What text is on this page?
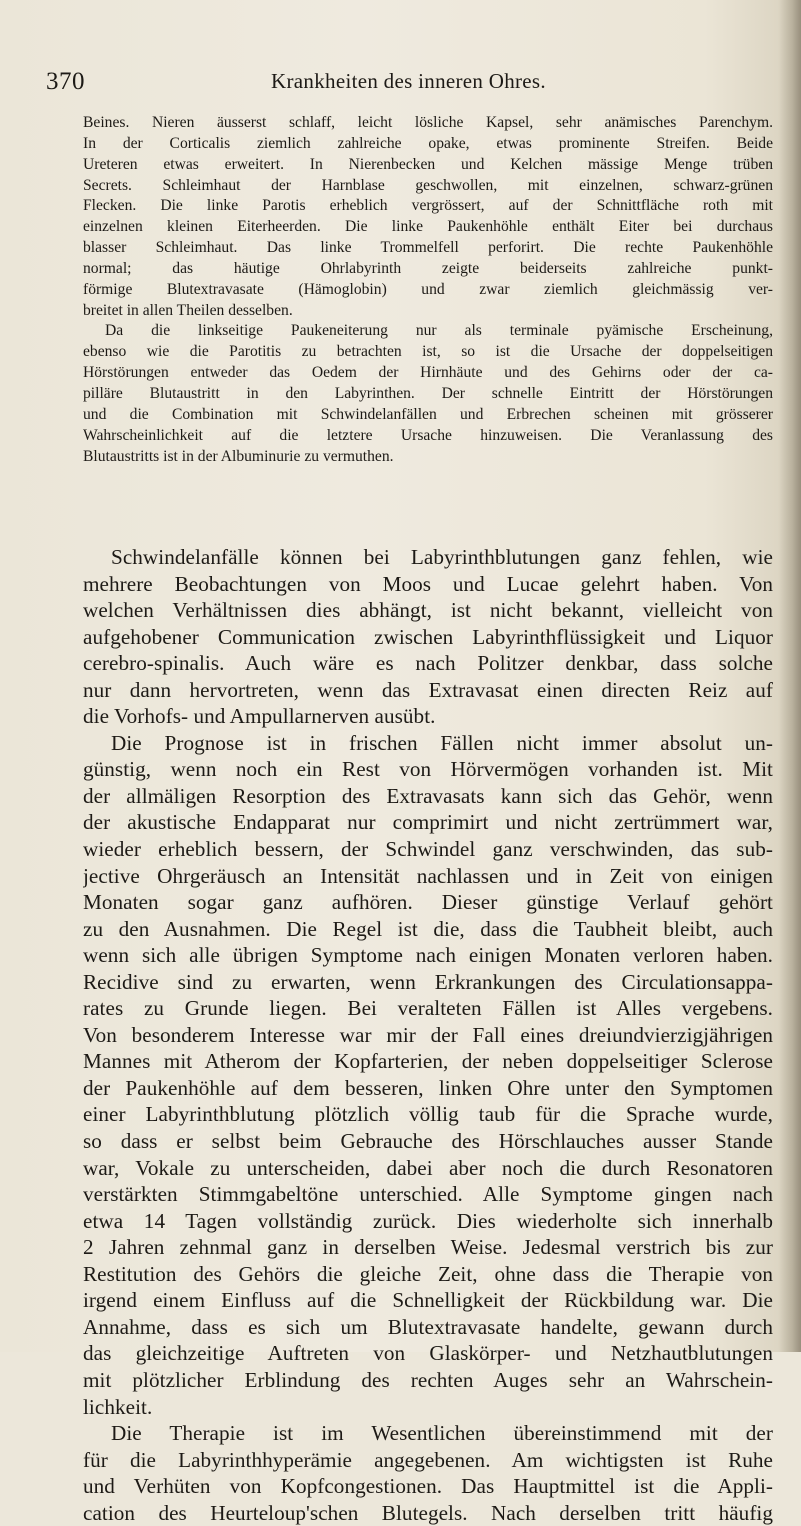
370	Krankheiten des inneren Ohres.
Beines. Nieren äusserst schlaff, leicht lösliche Kapsel, sehr anämisches Parenchym.
In der Corticalis ziemlich zahlreiche opake, etwas prominente Streifen. Beide
Ureteren etwas erweitert. In Nierenbecken und Kelchen mässige Menge trüben
Secrets. Schleimhaut der Harnblase geschwollen, mit einzelnen, schwarz-grünen
Flecken. Die linke Parotis erheblich vergrössert, auf der Schnittfläche roth mit
einzelnen kleinen Eiterheerden. Die linke Paukenhöhle enthält Eiter bei durchaus
blasser Schleimhaut. Das linke Trommelfell perforirt. Die rechte Paukenhöhle
normal; das häutige Ohrlabyrinth zeigte beiderseits zahlreiche punkt-
förmige Blutextravasate (Hämoglobin) und zwar ziemlich gleichmässig ver-
breitet in allen Theilen desselben.
Da die linkseitige Paukeneiterung nur als terminale pyämische Erscheinung,
ebenso wie die Parotitis zu betrachten ist, so ist die Ursache der doppelseitigen
Hörstörungen entweder das Oedem der Hirnhäute und des Gehirns oder der ca-
pilläre Blutaustritt in den Labyrinthen. Der schnelle Eintritt der Hörstörungen
und die Combination mit Schwindelanfällen und Erbrechen scheinen mit grösserer
Wahrscheinlichkeit auf die letztere Ursache hinzuweisen. Die Veranlassung des
Blutaustritts ist in der Albuminurie zu vermuthen.
Schwindelanfälle können bei Labyrinthblutungen ganz fehlen, wie
mehrere Beobachtungen von Moos und Lucae gelehrt haben. Von
welchen Verhältnissen dies abhängt, ist nicht bekannt, vielleicht von
aufgehobener Communication zwischen Labyrinthflüssigkeit und Liquor
cerebro-spinalis. Auch wäre es nach Politzer denkbar, dass solche
nur dann hervortreten, wenn das Extravasat einen directen Reiz auf
die Vorhofs- und Ampullarnerven ausübt.
Die Prognose ist in frischen Fällen nicht immer absolut un-
günstig, wenn noch ein Rest von Hörvermögen vorhanden ist. Mit
der allmäligen Resorption des Extravasats kann sich das Gehör, wenn
der akustische Endapparat nur comprimirt und nicht zertrümmert war,
wieder erheblich bessern, der Schwindel ganz verschwinden, das sub-
jective Ohrgeräusch an Intensität nachlassen und in Zeit von einigen
Monaten sogar ganz aufhören. Dieser günstige Verlauf gehört
zu den Ausnahmen. Die Regel ist die, dass die Taubheit bleibt, auch
wenn sich alle übrigen Symptome nach einigen Monaten verloren haben.
Recidive sind zu erwarten, wenn Erkrankungen des Circulationsappa-
rates zu Grunde liegen. Bei veralteten Fällen ist Alles vergebens.
Von besonderem Interesse war mir der Fall eines dreiundvierzigjährigen
Mannes mit Atherom der Kopfarterien, der neben doppelseitiger Sclerose
der Paukenhöhle auf dem besseren, linken Ohre unter den Symptomen
einer Labyrinthblutung plötzlich völlig taub für die Sprache wurde,
so dass er selbst beim Gebrauche des Hörschlauches ausser Stande
war, Vokale zu unterscheiden, dabei aber noch die durch Resonatoren
verstärkten Stimmgabeltöne unterschied. Alle Symptome gingen nach
etwa 14 Tagen vollständig zurück. Dies wiederholte sich innerhalb
2 Jahren zehnmal ganz in derselben Weise. Jedesmal verstrich bis zur
Restitution des Gehörs die gleiche Zeit, ohne dass die Therapie von
irgend einem Einfluss auf die Schnelligkeit der Rückbildung war. Die
Annahme, dass es sich um Blutextravasate handelte, gewann durch
das gleichzeitige Auftreten von Glaskörper- und Netzhautblutungen
mit plötzlicher Erblindung des rechten Auges sehr an Wahrschein-
lichkeit.
Die Therapie ist im Wesentlichen übereinstimmend mit der
für die Labyrinthhyperämie angegebenen. Am wichtigsten ist Ruhe
und Verhüten von Kopfcongestionen. Das Hauptmittel ist die Appli-
cation des Heurteloup'schen Blutegels. Nach derselben tritt häufig
